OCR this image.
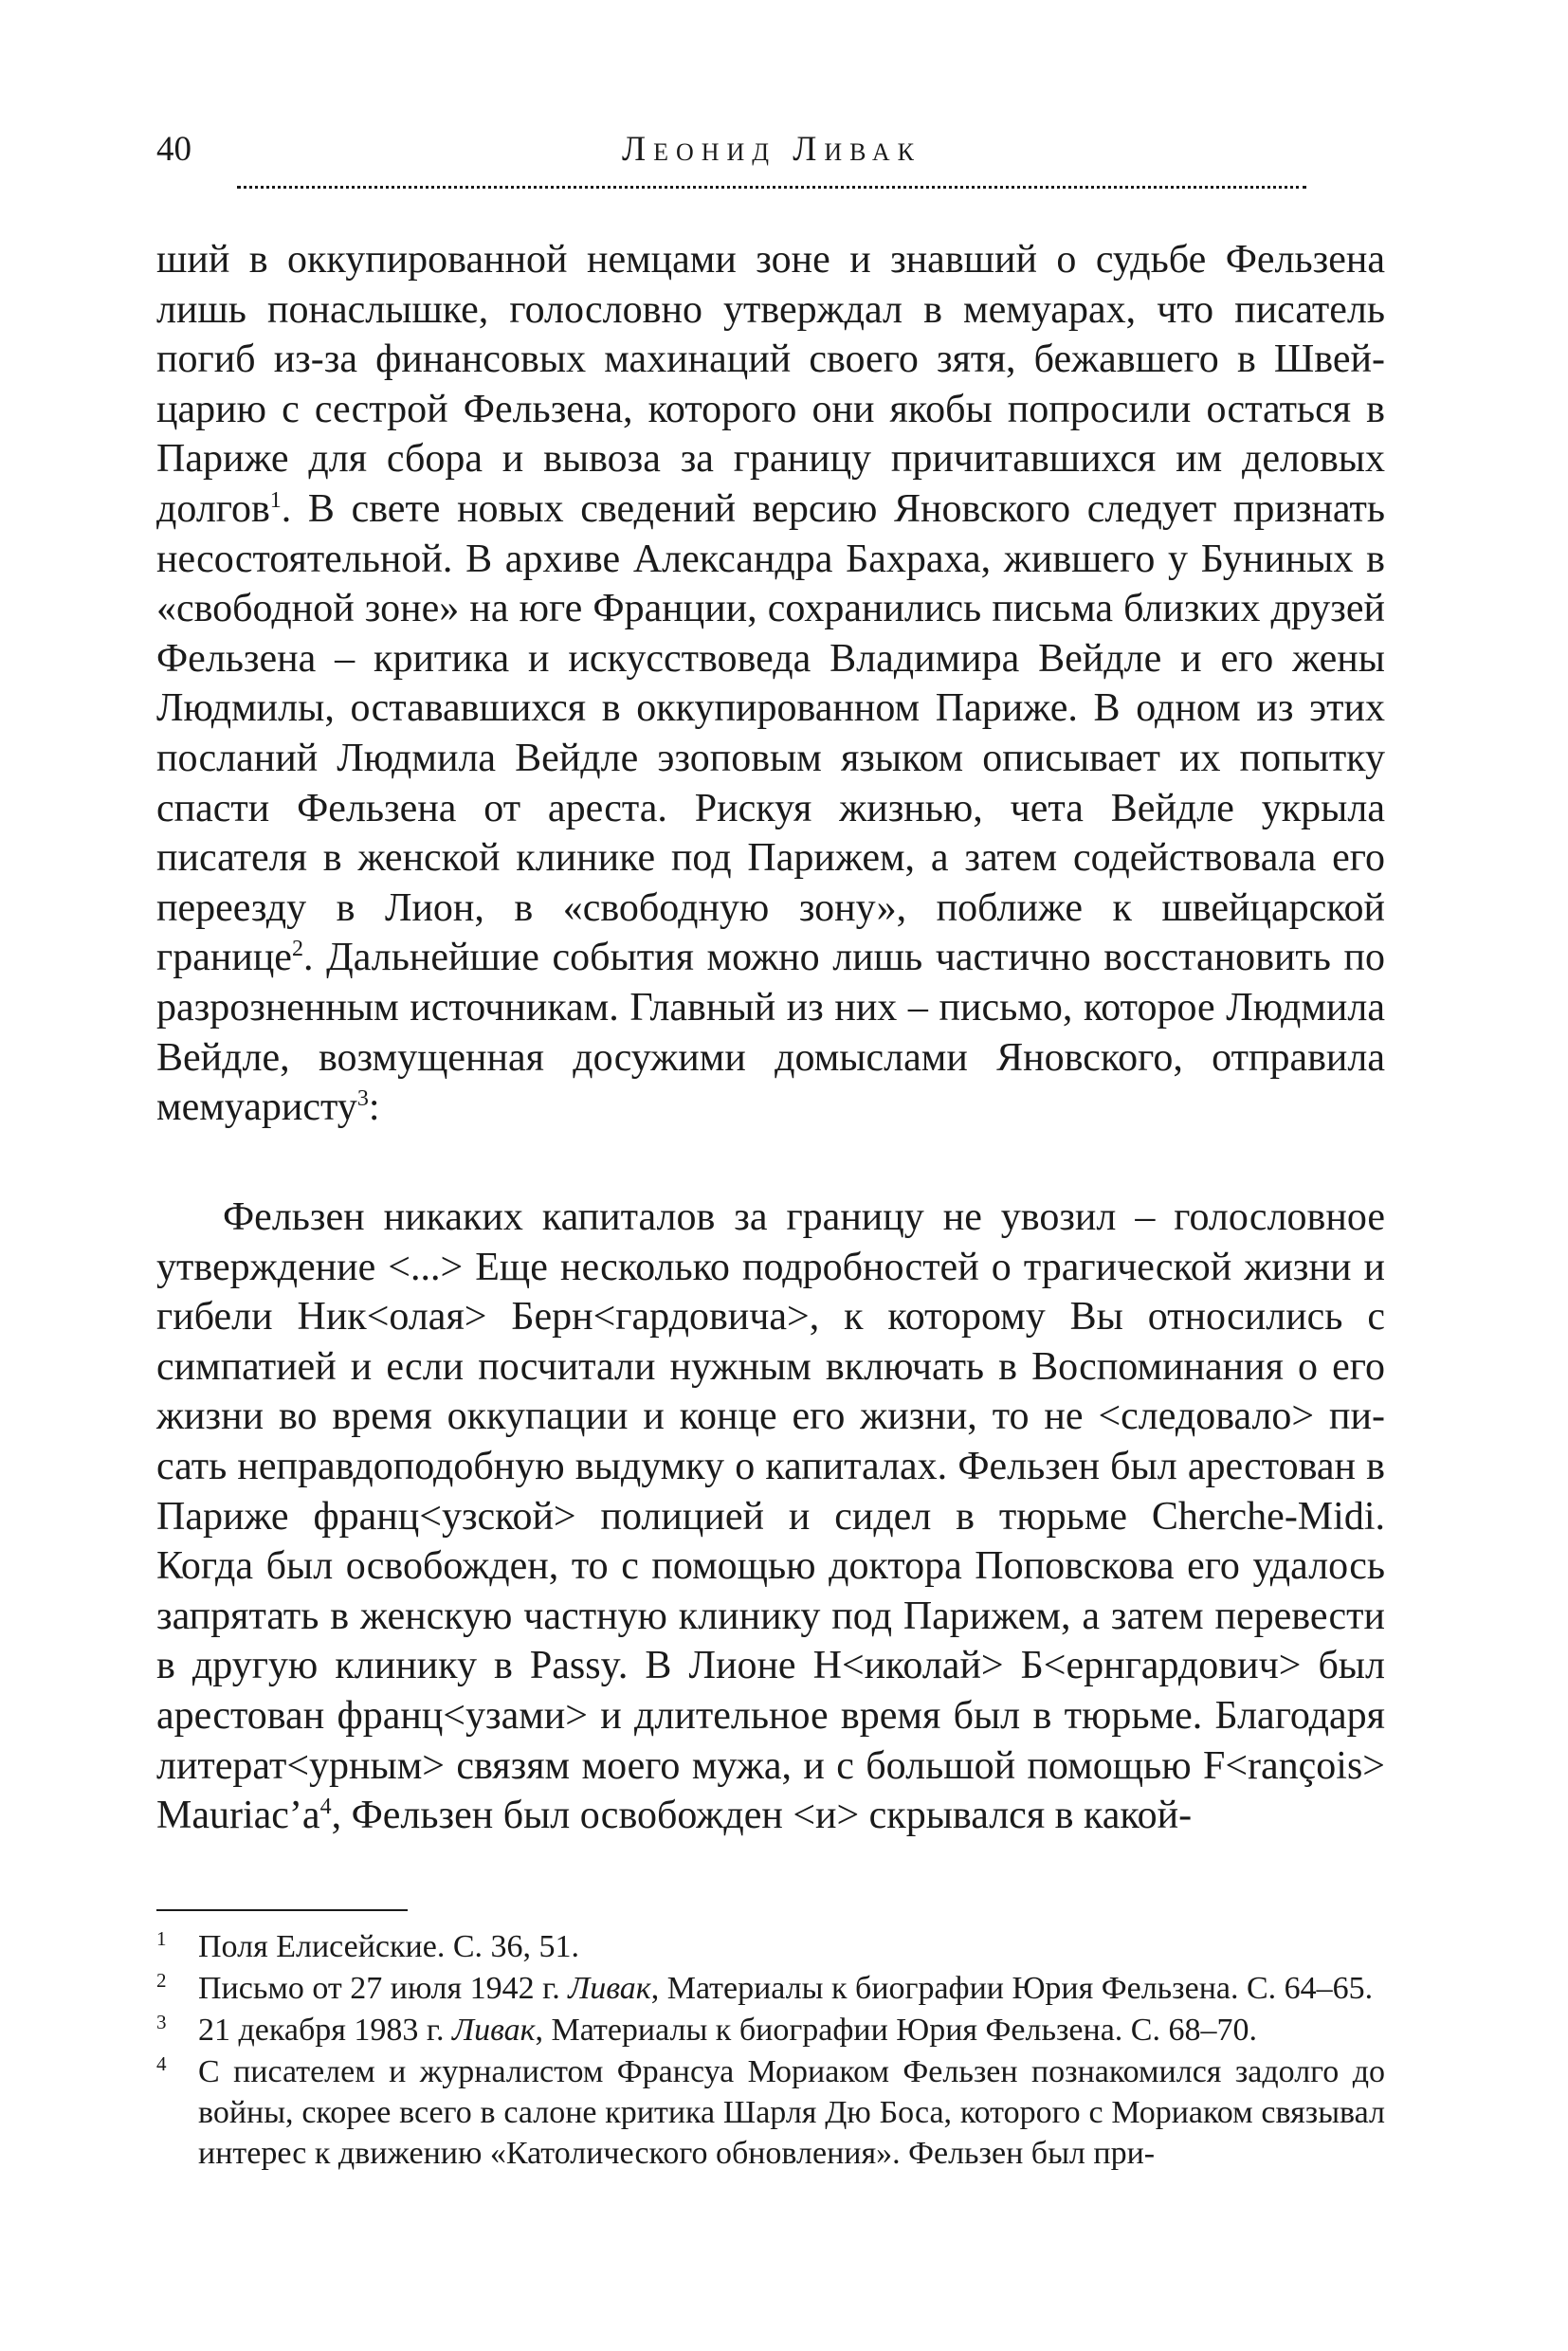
40	Леонид Ливак

ший в оккупированной немцами зоне и знавший о судьбе Фельзена лишь понаслышке, голословно утверждал в мемуарах, что писатель погиб из-за финансовых махинаций своего зятя, бежавшего в Швейцарию с сестрой Фельзена, которого они якобы попросили остаться в Париже для сбора и вывоза за границу причитавшихся им деловых долгов$^1$. В свете новых сведений версию Яновского следует признать несостоятельной. В архиве Александра Бахраха, жившего у Буниных в «свободной зоне» на юге Франции, сохранились письма близких друзей Фельзена – критика и искусствоведа Владимира Вейдле и его жены Людмилы, остававшихся в оккупированном Париже. В одном из этих посланий Людмила Вейдле эзоповым языком описывает их попытку спасти Фельзена от ареста. Рискуя жизнью, чета Вейдле укрыла писателя в женской клинике под Парижем, а затем содействовала его переезду в Лион, в «свободную зону», поближе к швейцарской границе$^2$. Дальнейшие события можно лишь частично восстановить по разрозненным источникам. Главный из них – письмо, которое Людмила Вейдле, возмущенная досужими домыслами Яновского, отправила мемуаристу$^3$:

Фельзен никаких капиталов за границу не увозил – голословное утверждение <...> Еще несколько подробностей о трагической жизни и гибели Ник<олая> Берн<гардовича>, к которому Вы относились с симпатией и если посчитали нужным включать в Воспоминания о его жизни во время оккупации и конце его жизни, то не <следовало> писать неправдоподобную выдумку о капиталах. Фельзен был арестован в Париже франц<узской> полицией и сидел в тюрьме Cherche-Midi. Когда был освобожден, то с помощью доктора Поповскова его удалось запрятать в женскую частную клинику под Парижем, а затем перевести в другую клинику в Passy. В Лионе Н<иколай> Б<ернгардович> был арестован франц<узами> и длительное время был в тюрьме. Благодаря литерат<урным> связям моего мужа, и с большой помощью F<rançois> $Mauriac’a^4$, Фельзен был освобожден <и> скрывался в какой-

1 Поля Елисейские. С. 36, 51.
2 Письмо от 27 июля 1942 г. Ливак, Материалы к биографии Юрия Фельзена. С. 64–65.
3 21 декабря 1983 г. Ливак, Материалы к биографии Юрия Фельзена. С. 68–70.
4 С писателем и журналистом Франсуа Мориаком Фельзен познакомился задолго до войны, скорее всего в салоне критика Шарля Дю Боса, которого с Мориаком связывал интерес к движению «Католического обновления». Фельзен был при-
